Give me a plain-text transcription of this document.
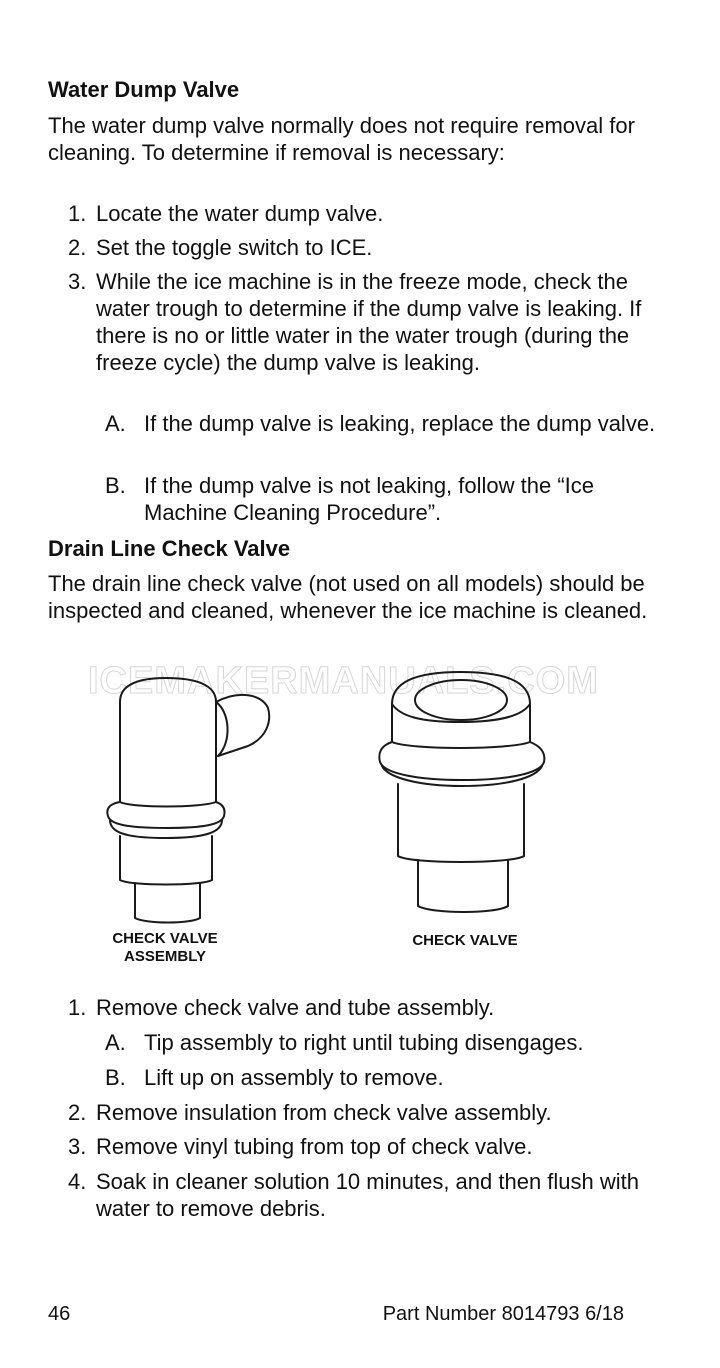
Water Dump Valve

The water dump valve normally does not require removal for cleaning. To determine if removal is necessary:

1. Locate the water dump valve.
2. Set the toggle switch to ICE.
3. While the ice machine is in the freeze mode, check the water trough to determine if the dump valve is leaking. If there is no or little water in the water trough (during the freeze cycle) the dump valve is leaking.
A. If the dump valve is leaking, replace the dump valve.
B. If the dump valve is not leaking, follow the “Ice Machine Cleaning Procedure”.
Drain Line Check Valve

The drain line check valve (not used on all models) should be inspected and cleaned, whenever the ice machine is cleaned.

ICEMAKERMANUALS.COM
CHECK VALVE
ASSEMBLY
CHECK VALVE
1. Remove check valve and tube assembly.
A. Tip assembly to right until tubing disengages.
B. Lift up on assembly to remove.
2. Remove insulation from check valve assembly.
3. Remove vinyl tubing from top of check valve.
4. Soak in cleaner solution 10 minutes, and then flush with water to remove debris.
46	Part Number 8014793 6/18
